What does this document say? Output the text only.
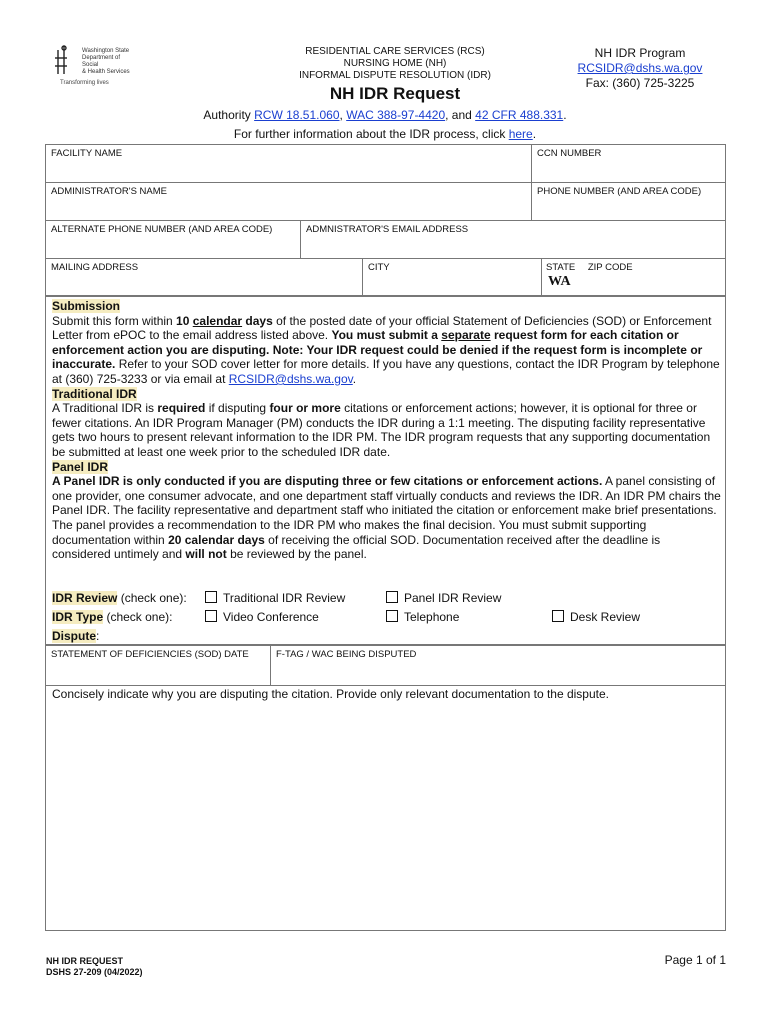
Washington State
Department of Social
& Health Services
Transforming lives
RESIDENTIAL CARE SERVICES (RCS)
NURSING HOME (NH)
INFORMAL DISPUTE RESOLUTION (IDR)
NH IDR Request
NH IDR Program
RCSIDR@dshs.wa.gov
Fax: (360) 725-3225
Authority RCW 18.51.060, WAC 388-97-4420, and 42 CFR 488.331.
For further information about the IDR process, click here.
FACILITY NAME	CCN NUMBER
ADMINISTRATOR'S NAME	PHONE NUMBER (AND AREA CODE)
ALTERNATE PHONE NUMBER (AND AREA CODE)	ADMNISTRATOR'S EMAIL ADDRESS
MAILING ADDRESS	CITY	STATE ZIP CODE
WA
Submission
Submit this form within 10 calendar days of the posted date of your official Statement of Deficiencies (SOD) or Enforcement Letter from ePOC to the email address listed above. You must submit a separate request form for each citation or enforcement action you are disputing. Note: Your IDR request could be denied if the request form is incomplete or inaccurate. Refer to your SOD cover letter for more details. If you have any questions, contact the IDR Program by telephone at (360) 725-3233 or via email at RCSIDR@dshs.wa.gov.
Traditional IDR
A Traditional IDR is required if disputing four or more citations or enforcement actions; however, it is optional for three or fewer citations. An IDR Program Manager (PM) conducts the IDR during a 1:1 meeting. The disputing facility representative gets two hours to present relevant information to the IDR PM. The IDR program requests that any supporting documentation be submitted at least one week prior to the scheduled IDR date.
Panel IDR
A Panel IDR is only conducted if you are disputing three or few citations or enforcement actions. A panel consisting of one provider, one consumer advocate, and one department staff virtually conducts and reviews the IDR. An IDR PM chairs the Panel IDR. The facility representative and department staff who initiated the citation or enforcement make brief presentations. The panel provides a recommendation to the IDR PM who makes the final decision. You must submit supporting documentation within 20 calendar days of receiving the official SOD. Documentation received after the deadline is considered untimely and will not be reviewed by the panel.
IDR Review (check one):	Traditional IDR Review	Panel IDR Review
IDR Type (check one):	Video Conference	Telephone	Desk Review
Dispute:
STATEMENT OF DEFICIENCIES (SOD) DATE	F-TAG / WAC BEING DISPUTED
Concisely indicate why you are disputing the citation. Provide only relevant documentation to the dispute.
NH IDR REQUEST
DSHS 27-209 (04/2022)
Page 1 of 1
